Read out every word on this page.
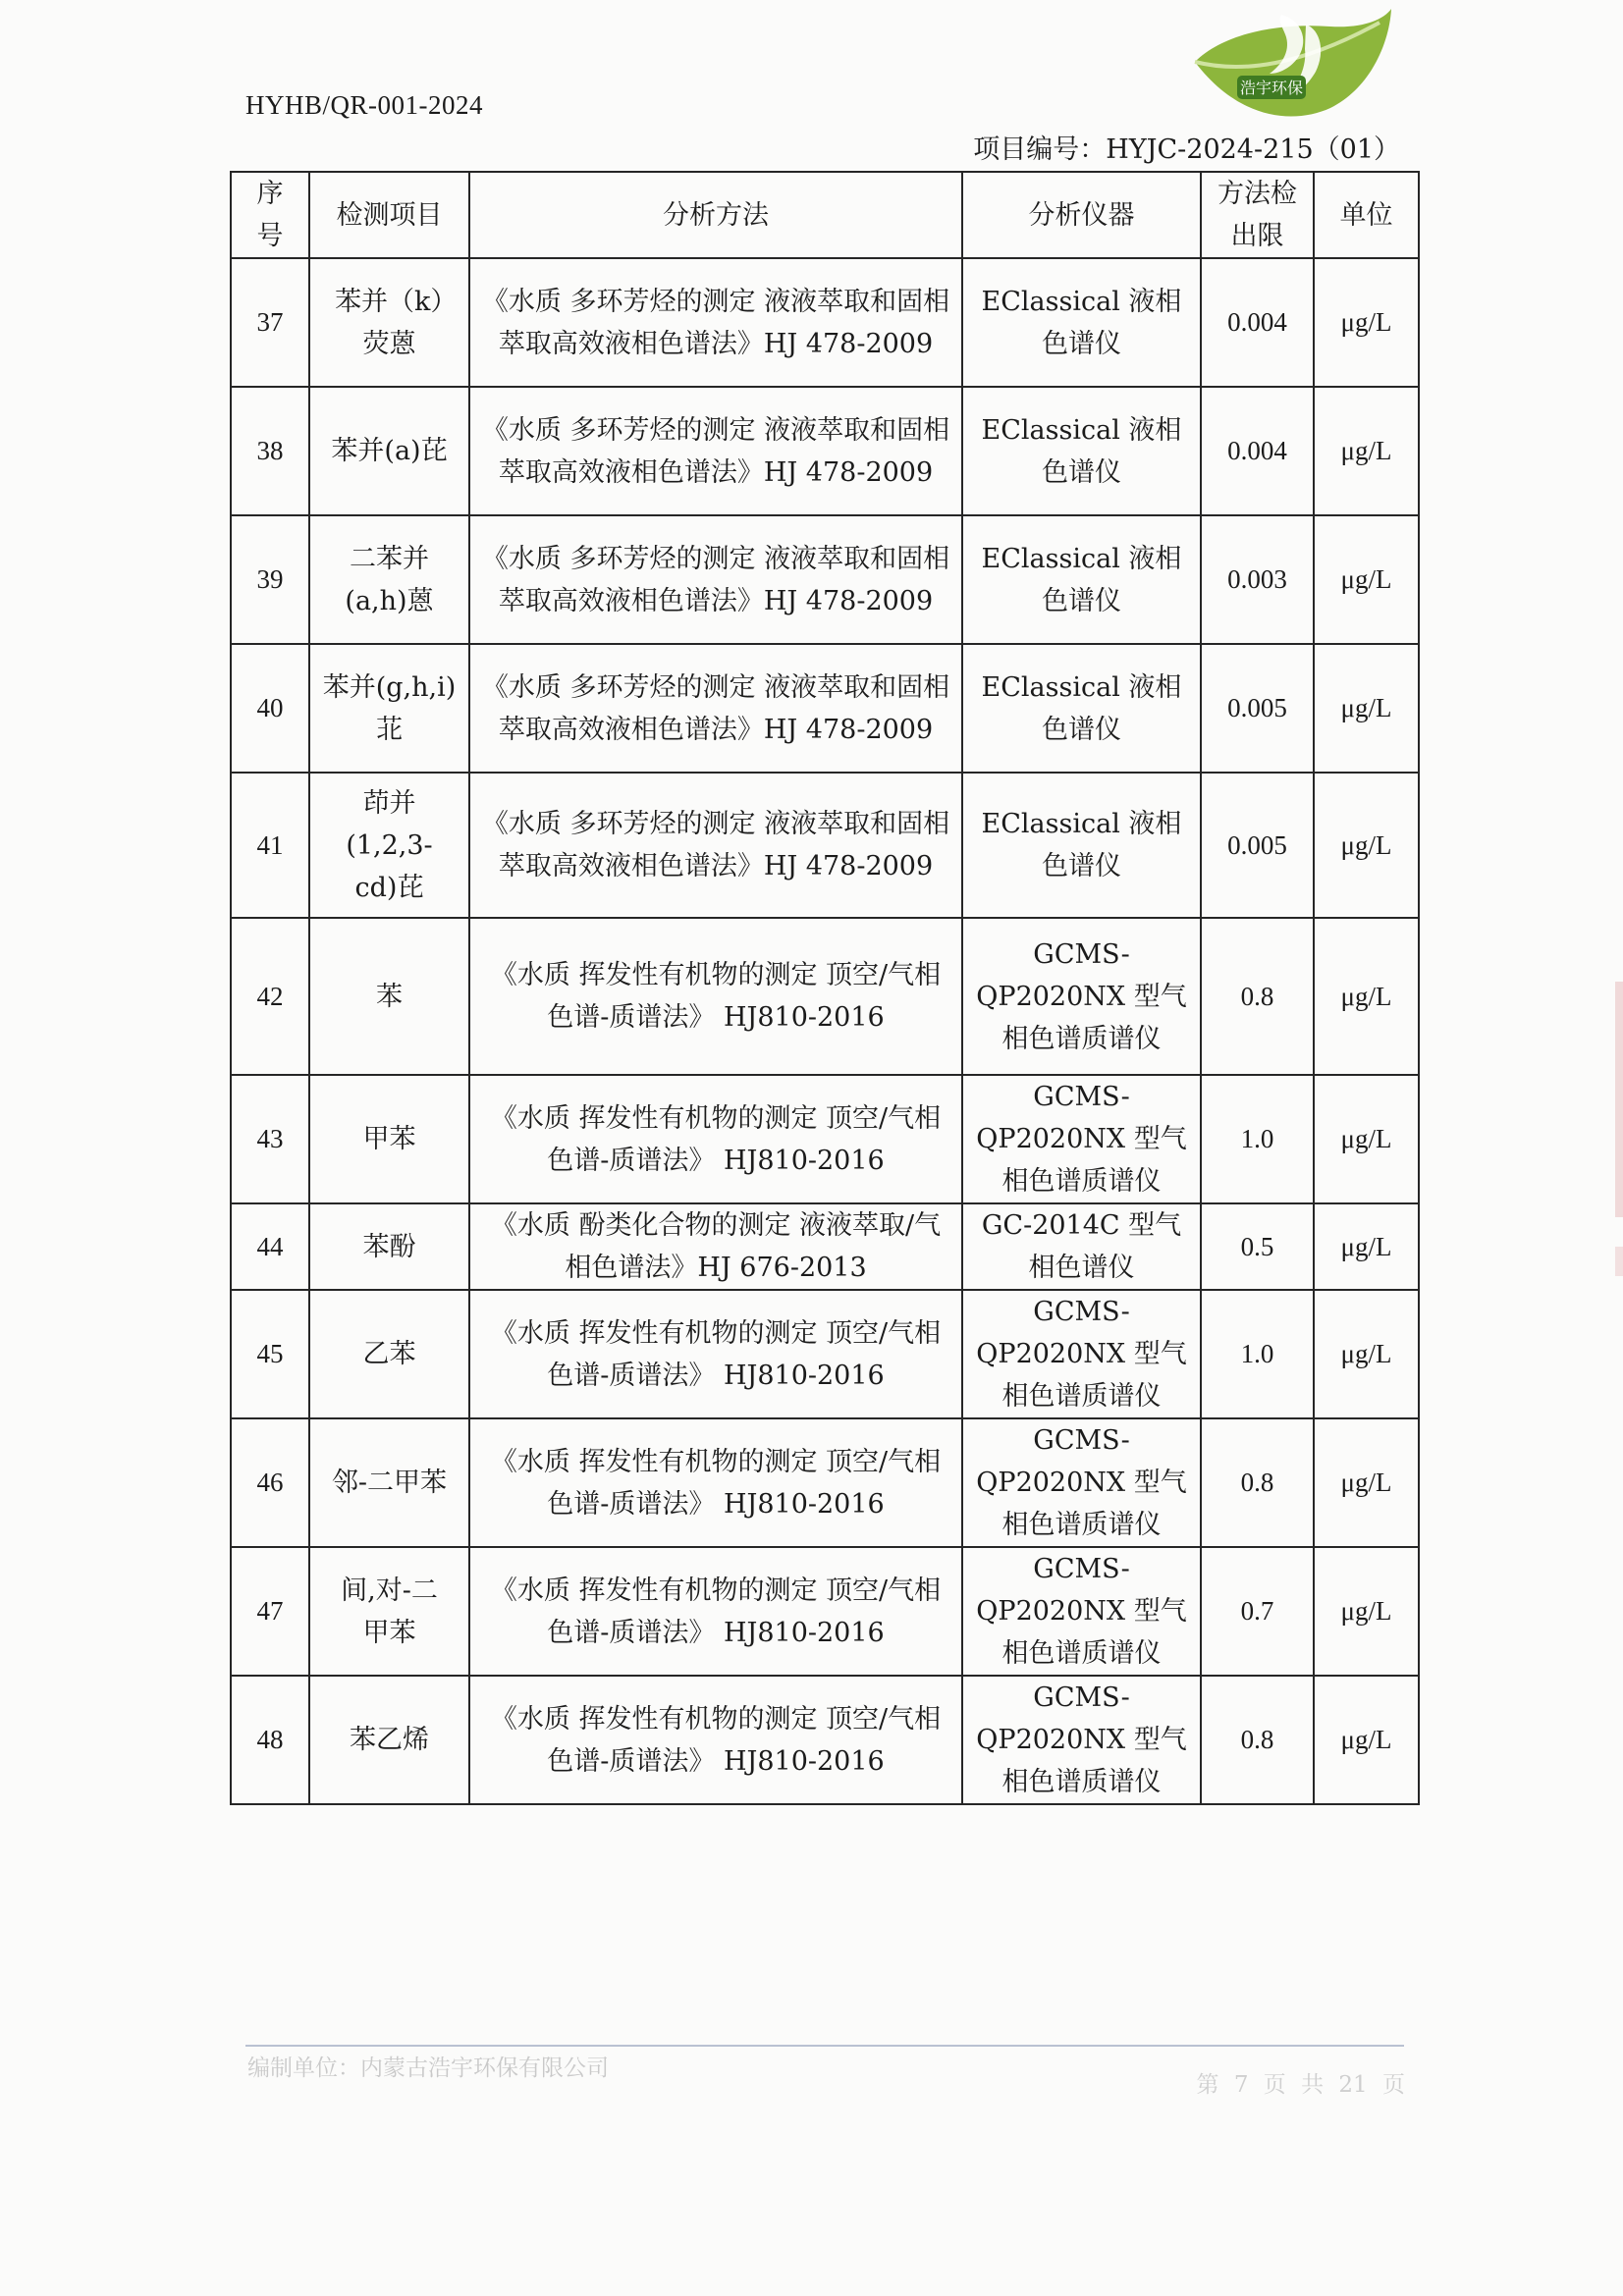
HYHB/QR-001-2024
浩宇环保
项目编号：HYJC-2024-215（01）
序号	检测项目	分析方法	分析仪器	方法检出限	单位

37	苯并（k）荧蒽	《水质 多环芳烃的测定 液液萃取和固相萃取高效液相色谱法》HJ 478-2009	EClassical 液相色谱仪	0.004	μg/L

38	苯并(a)芘	《水质 多环芳烃的测定 液液萃取和固相萃取高效液相色谱法》HJ 478-2009	EClassical 液相色谱仪	0.004	μg/L

39	二苯并(a,h)蒽	《水质 多环芳烃的测定 液液萃取和固相萃取高效液相色谱法》HJ 478-2009	EClassical 液相色谱仪	0.003	μg/L

40	苯并(g,h,i)苝	《水质 多环芳烃的测定 液液萃取和固相萃取高效液相色谱法》HJ 478-2009	EClassical 液相色谱仪	0.005	μg/L

41	茚并(1,2,3-cd)芘	《水质 多环芳烃的测定 液液萃取和固相萃取高效液相色谱法》HJ 478-2009	EClassical 液相色谱仪	0.005	μg/L

42	苯	《水质 挥发性有机物的测定 顶空/气相色谱-质谱法》 HJ810-2016	GCMS-QP2020NX 型气相色谱质谱仪	0.8	μg/L

43	甲苯	《水质 挥发性有机物的测定 顶空/气相色谱-质谱法》 HJ810-2016	GCMS-QP2020NX 型气相色谱质谱仪	1.0	μg/L

44	苯酚	《水质 酚类化合物的测定 液液萃取/气相色谱法》HJ 676-2013	GC-2014C 型气相色谱仪	0.5	μg/L

45	乙苯	《水质 挥发性有机物的测定 顶空/气相色谱-质谱法》 HJ810-2016	GCMS-QP2020NX 型气相色谱质谱仪	1.0	μg/L

46	邻-二甲苯	《水质 挥发性有机物的测定 顶空/气相色谱-质谱法》 HJ810-2016	GCMS-QP2020NX 型气相色谱质谱仪	0.8	μg/L

47	间,对-二甲苯	《水质 挥发性有机物的测定 顶空/气相色谱-质谱法》 HJ810-2016	GCMS-QP2020NX 型气相色谱质谱仪	0.7	μg/L

48	苯乙烯	《水质 挥发性有机物的测定 顶空/气相色谱-质谱法》 HJ810-2016	GCMS-QP2020NX 型气相色谱质谱仪	0.8	μg/L
编制单位：内蒙古浩宇环保有限公司
第 7 页 共 21 页
